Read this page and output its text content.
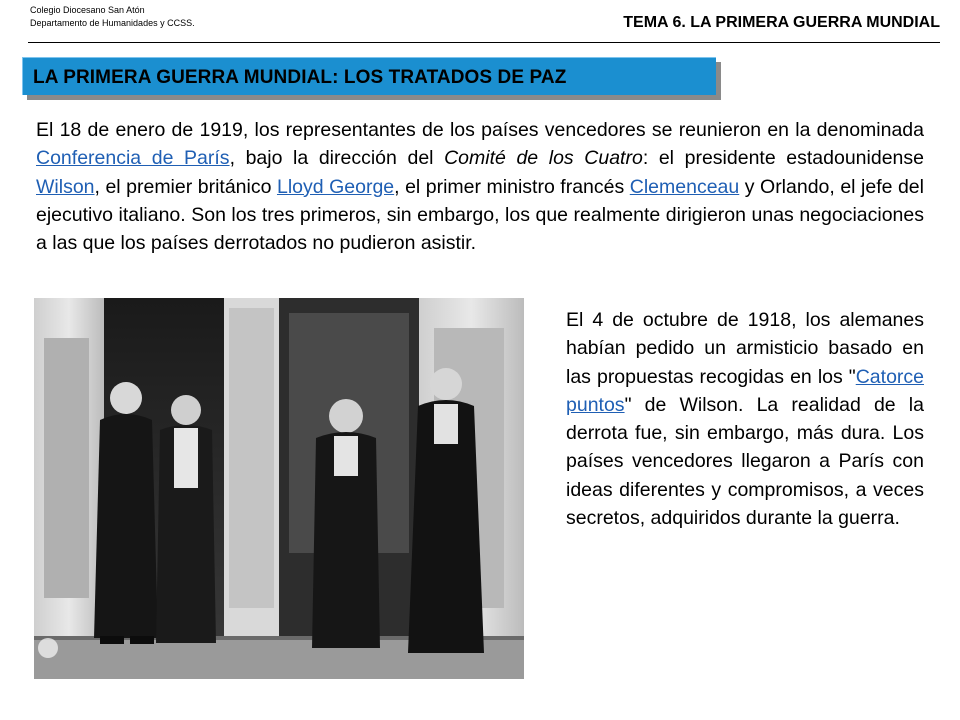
Colegio Diocesano San Atón
Departamento de Humanidades y CCSS.	TEMA 6. LA PRIMERA GUERRA MUNDIAL
LA PRIMERA GUERRA MUNDIAL: LOS TRATADOS DE PAZ

El 18 de enero de 1919, los representantes de los países vencedores se reunieron en la denominada Conferencia de París, bajo la dirección del Comité de los Cuatro: el presidente estadounidense Wilson, el premier británico Lloyd George, el primer ministro francés Clemenceau y Orlando, el jefe del ejecutivo italiano. Son los tres primeros, sin embargo, los que realmente dirigieron unas negociaciones a las que los países derrotados no pudieron asistir.

El 4 de octubre de 1918, los alemanes habían pedido un armisticio basado en las propuestas recogidas en los "Catorce puntos" de Wilson. La realidad de la derrota fue, sin embargo, más dura. Los países vencedores llegaron a París con ideas diferentes y compromisos, a veces secretos, adquiridos durante la guerra.
